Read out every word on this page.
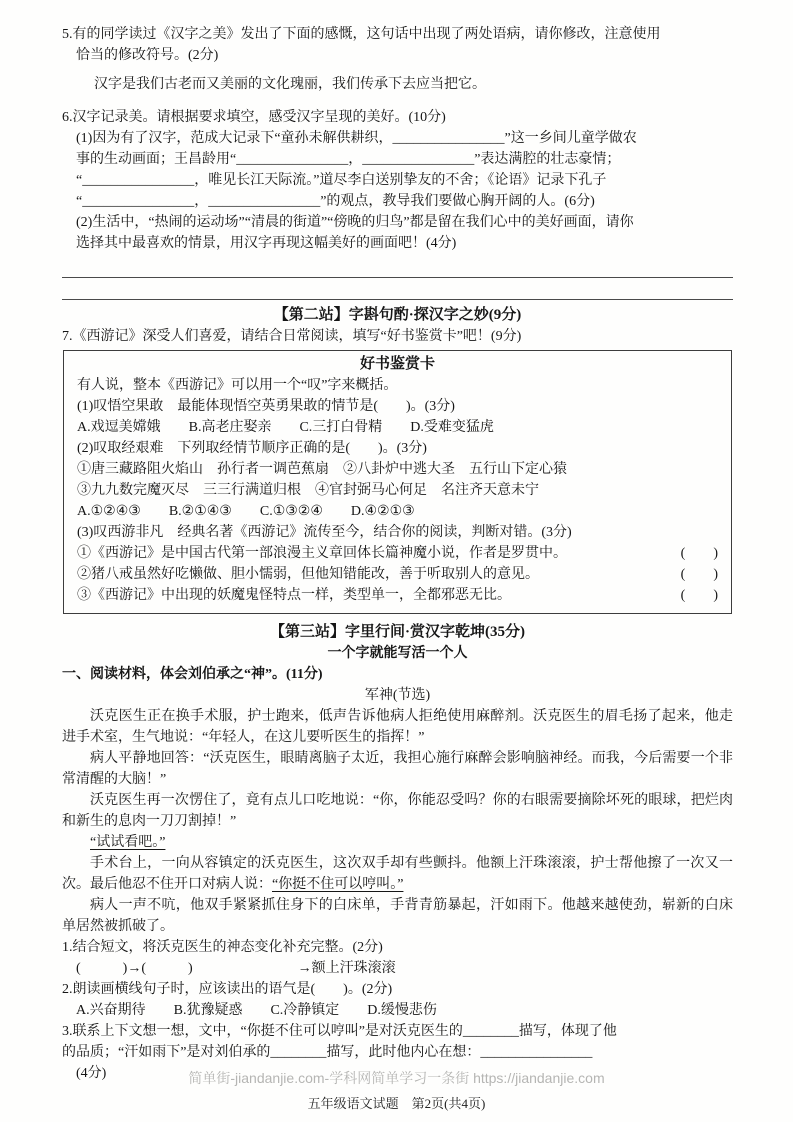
5.有的同学读过《汉字之美》发出了下面的感慨，这句话中出现了两处语病，请你修改，注意使用
恰当的修改符号。(2分)
汉字是我们古老而又美丽的文化瑰丽，我们传承下去应当把它。
6.汉字记录美。请根据要求填空，感受汉字呈现的美好。(10分)
(1)因为有了汉字，范成大记录下“童孙未解供耕织，________________”这一乡间儿童学做农
事的生动画面；王昌龄用“________________，________________”表达满腔的壮志豪情；
“________________，唯见长江天际流。”道尽李白送别挚友的不舍；《论语》记录下孔子
“________________，________________”的观点，教导我们要做心胸开阔的人。(6分)
(2)生活中，“热闹的运动场”“清晨的街道”“傍晚的归鸟”都是留在我们心中的美好画面，请你
选择其中最喜欢的情景，用汉字再现这幅美好的画面吧！(4分)
【第二站】字斟句酌·探汉字之妙(9分)
7.《西游记》深受人们喜爱，请结合日常阅读，填写“好书鉴赏卡”吧！(9分)
好书鉴赏卡
有人说，整本《西游记》可以用一个“叹”字来概括。
(1)叹悟空果敢　最能体现悟空英勇果敢的情节是(　　)。(3分)
A.戏逗美嫦娥　　B.高老庄娶亲　　C.三打白骨精　　D.受难变猛虎
(2)叹取经艰难　下列取经情节顺序正确的是(　　)。(3分)
①唐三藏路阻火焰山　孙行者一调芭蕉扇　②八卦炉中逃大圣　五行山下定心猿
③九九数完魔灭尽　三三行满道归根　④官封弼马心何足　名注齐天意未宁
A.①②④③　　B.②①④③　　C.①③②④　　D.④②①③
(3)叹西游非凡　经典名著《西游记》流传至今，结合你的阅读，判断对错。(3分)
①《西游记》是中国古代第一部浪漫主义章回体长篇神魔小说，作者是罗贯中。	(　　)
②猪八戒虽然好吃懒做、胆小懦弱，但他知错能改，善于听取别人的意见。	(　　)
③《西游记》中出现的妖魔鬼怪特点一样，类型单一，全都邪恶无比。	(　　)
【第三站】字里行间·赏汉字乾坤(35分)
一个字就能写活一个人
一、阅读材料，体会刘伯承之“神”。(11分)
军神(节选)

沃克医生正在换手术服，护士跑来，低声告诉他病人拒绝使用麻醉剂。沃克医生的眉毛扬了起来，他走进手术室，生气地说：“年轻人，在这儿要听医生的指挥！”

病人平静地回答：“沃克医生，眼睛离脑子太近，我担心施行麻醉会影响脑神经。而我，今后需要一个非常清醒的大脑！”

沃克医生再一次愣住了，竟有点儿口吃地说：“你，你能忍受吗？你的右眼需要摘除坏死的眼球，把烂肉和新生的息肉一刀刀割掉！”

“试试看吧。”

手术台上，一向从容镇定的沃克医生，这次双手却有些颤抖。他额上汗珠滚滚，护士帮他擦了一次又一次。最后他忍不住开口对病人说：“你挺不住可以哼叫。”

病人一声不吭，他双手紧紧抓住身下的白床单，手背青筋暴起，汗如雨下。他越来越使劲，崭新的白床单居然被抓破了。

1.结合短文，将沃克医生的神态变化补充完整。(2分)
(            )→(            )                              →额上汗珠滚滚
2.朗读画横线句子时，应该读出的语气是(　　)。(2分)
A.兴奋期待　　B.犹豫疑惑　　C.冷静镇定　　D.缓慢悲伤
3.联系上下文想一想，文中，“你挺不住可以哼叫”是对沃克医生的________描写，体现了他
的品质；“汗如雨下”是对刘伯承的________描写，此时他内心在想：________________
(4分)	简单街-jiandanjie.com-学科网简单学习一条街 https://jiandanjie.com
五年级语文试题　第2页(共4页)
